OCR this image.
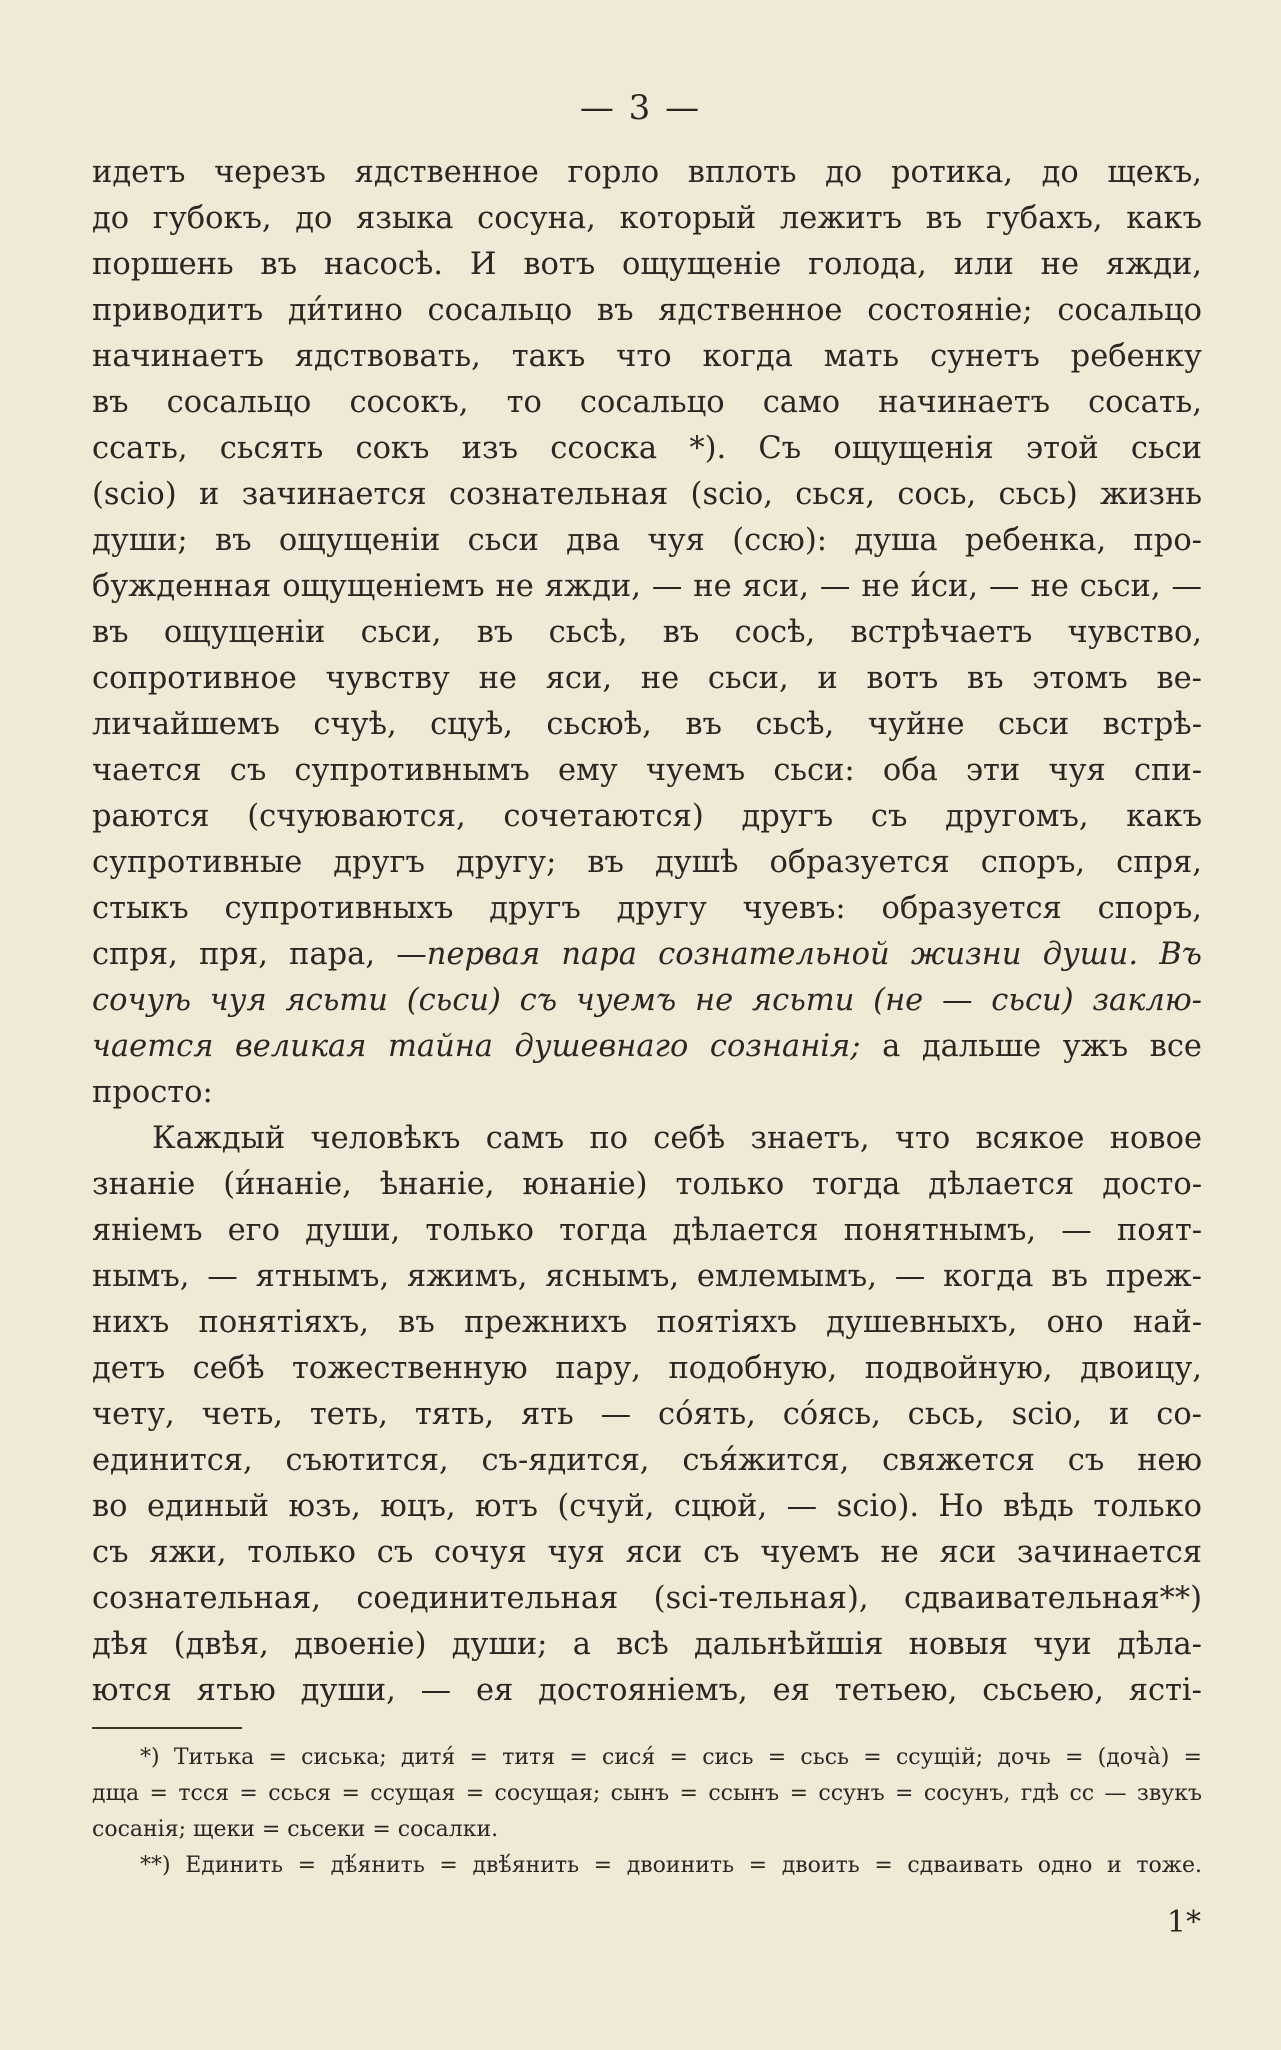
— 3 —
идетъ черезъ ядственное горло вплоть до ротика, до щекъ,
до губокъ, до языка сосуна, который лежитъ въ губахъ, какъ
поршень въ насосѣ. И вотъ ощущеніе голода, или не яжди,
приводитъ ди́тино сосальцо въ ядственное состояніе; сосальцо
начинаетъ ядствовать, такъ что когда мать сунетъ ребенку
въ сосальцо сосокъ, то сосальцо само начинаетъ сосать,
ссать, сьсять сокъ изъ ссоска *). Съ ощущенія этой сьси
(scio) и зачинается сознательная (scio, сься, сось, сьсь) жизнь
души; въ ощущеніи сьси два чуя (ссю): душа ребенка, про-
бужденная ощущеніемъ не яжди, — не яси, — не и́си, — не сьси, —
въ ощущеніи сьси, въ сьсѣ, въ сосѣ, встрѣчаетъ чувство,
сопротивное чувству не яси, не сьси, и вотъ въ этомъ ве-
личайшемъ счуѣ, сцуѣ, сьсюѣ, въ сьсѣ, чуйне сьси встрѣ-
чается съ супротивнымъ ему чуемъ сьси: оба эти чуя спи-
раются (счуюваются, сочетаются) другъ съ другомъ, какъ
супротивные другъ другу; въ душѣ образуется споръ, спря,
стыкъ супротивныхъ другъ другу чуевъ: образуется споръ,
спря, пря, пара, —первая пара сознательной жизни души. Въ
сочуѣ чуя ясьти (сьси) съ чуемъ не ясьти (не — сьси) заклю-
чается великая тайна душевнаго сознанія; а дальше ужъ все
просто:
Каждый человѣкъ самъ по себѣ знаетъ, что всякое новое
знаніе (и́наніе, ѣнаніе, юнаніе) только тогда дѣлается досто-
яніемъ его души, только тогда дѣлается понятнымъ, — поят-
нымъ, — ятнымъ, яжимъ, яснымъ, емлемымъ, — когда въ преж-
нихъ понятіяхъ, въ прежнихъ поятіяхъ душевныхъ, оно най-
детъ себѣ тожественную пару, подобную, подвойную, двоицу,
чету, четь, теть, тять, ять — со́ять, со́ясь, сьсь, scio, и со-
единится, съютится, съ-ядится, съя́жится, свяжется съ нею
во единый юзъ, юцъ, ютъ (счуй, сцюй, — scio). Но вѣдь только
съ яжи, только съ сочуя чуя яси съ чуемъ не яси зачинается
сознательная, соединительная (sci-тельная), сдваивательная**)
дѣя (двѣя, двоеніе) души; а всѣ дальнѣйшія новыя чуи дѣла-
ются ятью души, — ея достояніемъ, ея тетьею, сьсьею, ясті-
*) Титька = сиська; дитя́ = титя = сися́ = сись = сьсь = ссущій; дочь = (дочà) =
дща = тсся = ссься = ссущая = сосущая; сынъ = ссынъ = ссунъ = сосунъ, гдѣ сс — звукъ
сосанія; щеки = сьсеки = сосалки.
**) Единить = дѣ́янить = двѣ́янить = двоинить = двоить = сдваивать одно и тоже.
1*
